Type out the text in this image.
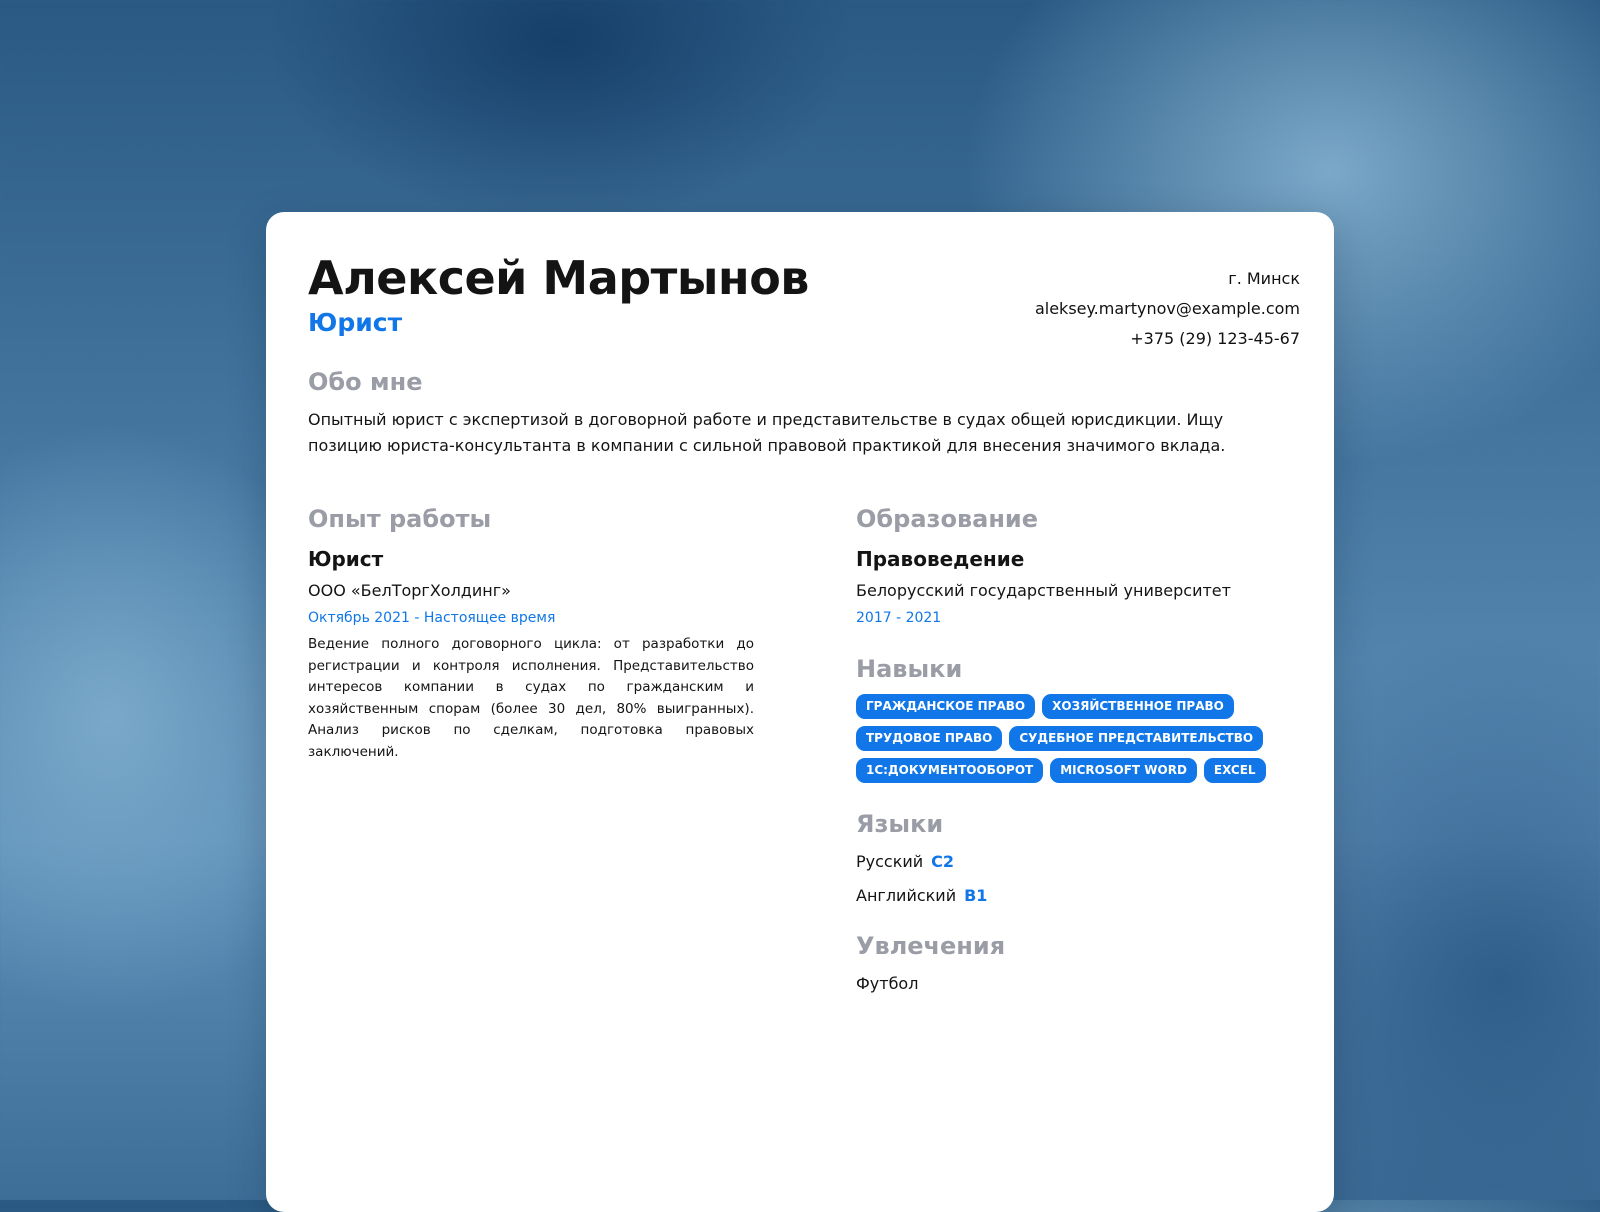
Алексей Мартынов
Юрист
г. Минск
aleksey.martynov@example.com
+375 (29) 123-45-67
Обо мне
Опытный юрист с экспертизой в договорной работе и представительстве в судах общей юрисдикции. Ищу позицию юриста-консультанта в компании с сильной правовой практикой для внесения значимого вклада.
Опыт работы
Юрист
ООО «БелТоргХолдинг»
Октябрь 2021 - Настоящее время
Ведение полного договорного цикла: от разработки до регистрации и контроля исполнения. Представительство интересов компании в судах по гражданским и хозяйственным спорам (более 30 дел, 80% выигранных). Анализ рисков по сделкам, подготовка правовых заключений.
Образование
Правоведение
Белорусский государственный университет
2017 - 2021
Навыки
ГРАЖДАНСКОЕ ПРАВО	ХОЗЯЙСТВЕННОЕ ПРАВО
ТРУДОВОЕ ПРАВО	СУДЕБНОЕ ПРЕДСТАВИТЕЛЬСТВО
1С:ДОКУМЕНТООБОРОТ	MICROSOFT WORD	EXCEL
Языки
Русский C2
Английский B1
Увлечения
Футбол
